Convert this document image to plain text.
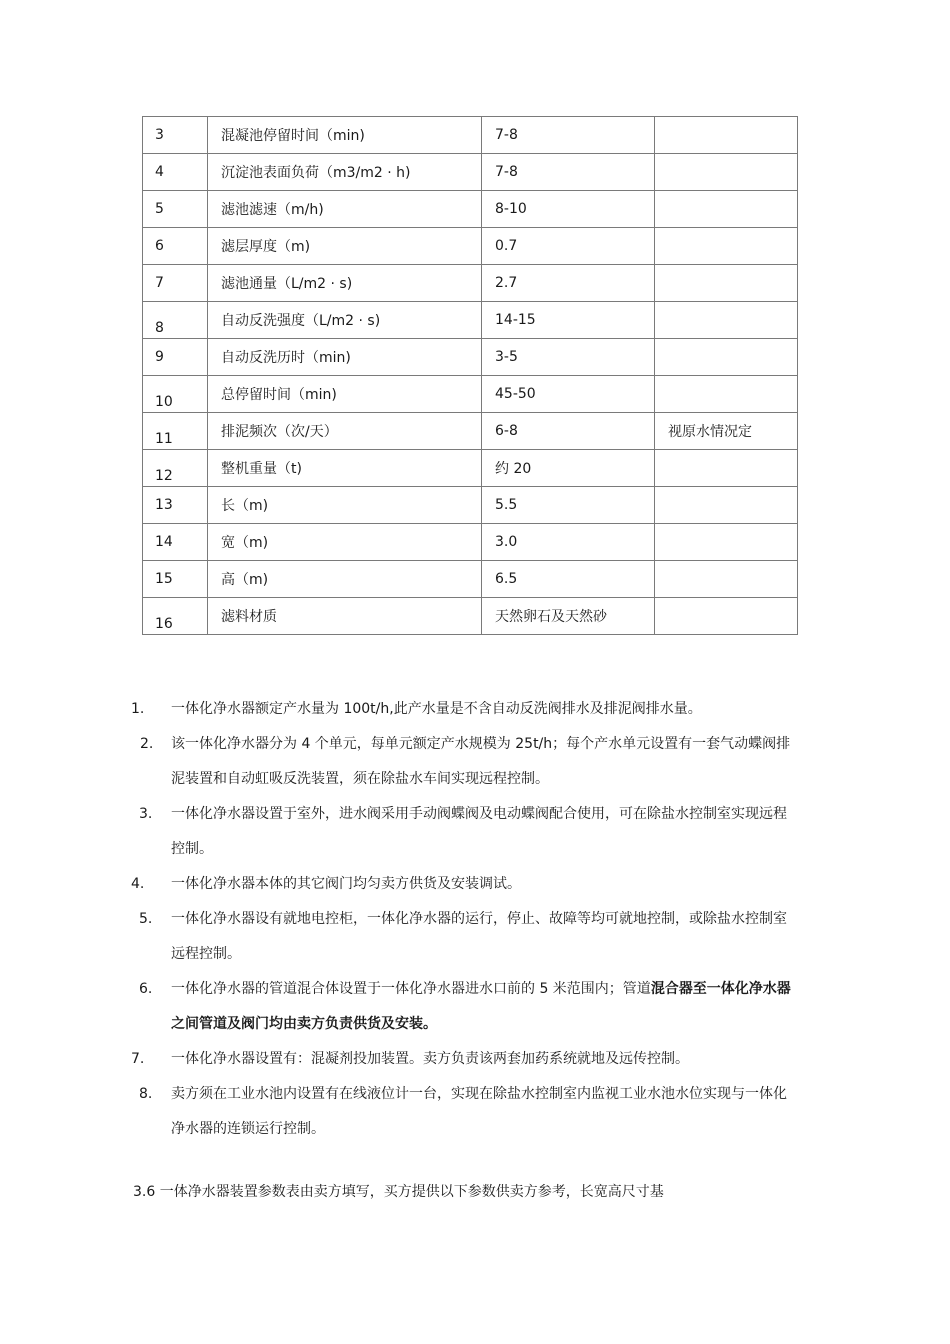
3	混凝池停留时间（min)	7-8	
4	沉淀池表面负荷（m3/m2 · h)	7-8	
5	滤池滤速（m/h)	8-10	
6	滤层厚度（m)	0.7	
7	滤池通量（L/m2 · s)	2.7	
8	自动反洗强度（L/m2 · s)	14-15	
9	自动反洗历时（min)	3-5	
10	总停留时间（min)	45-50	
11	排泥频次（次/天）	6-8	视原水情况定
12	整机重量（t)	约 20	
13	长（m)	5.5	
14	宽（m)	3.0	
15	高（m)	6.5	
16	滤料材质	天然卵石及天然砂	
1. 一体化净水器额定产水量为 100t/h,此产水量是不含自动反洗阀排水及排泥阀排水量。
2. 该一体化净水器分为 4 个单元，每单元额定产水规模为 25t/h；每个产水单元设置有一套气动蝶阀排泥装置和自动虹吸反洗装置，须在除盐水车间实现远程控制。
3. 一体化净水器设置于室外，进水阀采用手动阀蝶阀及电动蝶阀配合使用，可在除盐水控制室实现远程控制。
4. 一体化净水器本体的其它阀门均匀卖方供货及安装调试。
5. 一体化净水器设有就地电控柜，一体化净水器的运行，停止、故障等均可就地控制，或除盐水控制室远程控制。
6. 一体化净水器的管道混合体设置于一体化净水器进水口前的 5 米范围内；管道混合器至一体化净水器之间管道及阀门均由卖方负责供货及安装。
7. 一体化净水器设置有：混凝剂投加装置。卖方负责该两套加药系统就地及远传控制。
8. 卖方须在工业水池内设置有在线液位计一台，实现在除盐水控制室内监视工业水池水位实现与一体化净水器的连锁运行控制。
3.6 一体净水器装置参数表由卖方填写，买方提供以下参数供卖方参考，长宽高尺寸基
